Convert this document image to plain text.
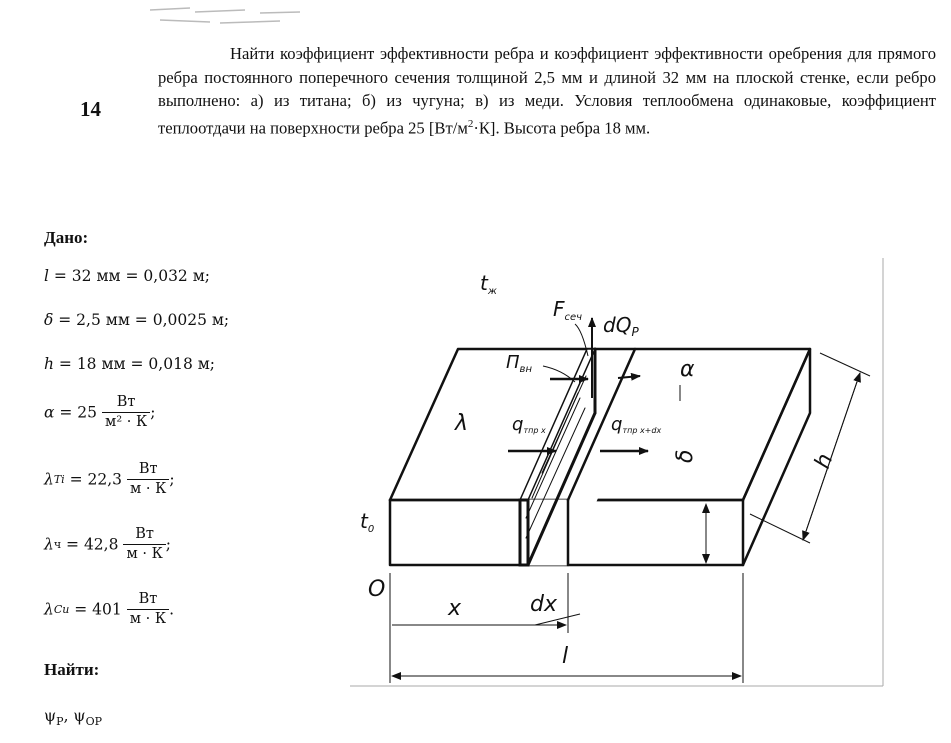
14
Найти коэффициент эффективности ребра и коэффициент эффективности оребрения для прямого ребра постоянного поперечного сечения толщиной 2,5 мм и длиной 32 мм на плоской стенке, если ребро выполнено: а) из титана; б) из чугуна; в) из меди. Условия теплообмена одинаковые, коэффициент теплоотдачи на поверхности ребра 25 $[Вт/м^2\cdot К]$. Высота ребра 18 мм.
Дано:
l = 32 мм = 0,032 м;
δ = 2,5 мм = 0,0025 м;
h = 18 мм = 0,018 м;
$\alpha = 25 \frac{Вт}{\text{м² · К}}$ ;
$\lambda Ti = 22,3 \frac{Вт}{м \cdot К}$ ;
$\lambda ч = 42,8 \frac{Вт}{м \cdot К}$ ;
$\lambda Cu = 401 \frac{Вт}{м \cdot К}$ .
Найти:
$\psi_Р$, $\psi_{ОР}$
$t_ж$
$F_{сеч}$ $dQ_P$
$П_{вн}$	α
λ qтпр x	qтпр x+dx
δ	h
$t_0$
O
x	dx
l
